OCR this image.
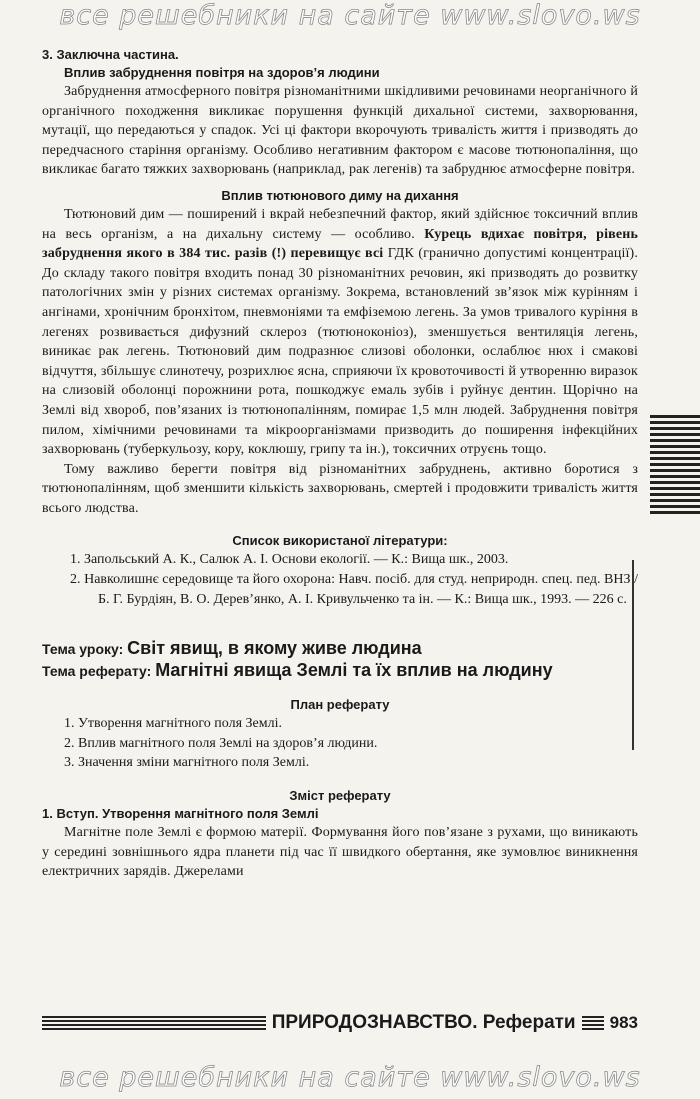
все решебники на сайте www.slovo.ws
3. Заключна частина.
Вплив забруднення повітря на здоров’я людини

Забруднення атмосферного повітря різноманітними шкідливими речовинами неорганічного й органічного походження викликає порушення функцій дихальної системи, захворювання, мутації, що передаються у спадок. Усі ці фактори вкорочують тривалість життя і призводять до передчасного старіння організму. Особливо негативним фактором є масове тютюнопаління, що викликає багато тяжких захворювань (наприклад, рак легенів) та забруднює атмосферне повітря.

Вплив тютюнового диму на дихання

Тютюновий дим — поширений і вкрай небезпечний фактор, який здійснює токсичний вплив на весь організм, а на дихальну систему — особливо. Курець вдихає повітря, рівень забруднення якого в 384 тис. разів (!) перевищує всі ГДК (гранично допустимі концентрації). До складу такого повітря входить понад 30 різноманітних речовин, які призводять до розвитку патологічних змін у різних системах організму. Зокрема, встановлений зв’язок між курінням і ангінами, хронічним бронхітом, пневмоніями та емфіземою легень. За умов тривалого куріння в легенях розвивається дифузний склероз (тютюноконіоз), зменшується вентиляція легень, виникає рак легень. Тютюновий дим подразнює слизові оболонки, ослаблює нюх і смакові відчуття, збільшує слинотечу, розрихлює ясна, сприяючи їх кровоточивості й утворенню виразок на слизовій оболонці порожнини рота, пошкоджує емаль зубів і руйнує дентин. Щорічно на Землі від хвороб, пов’язаних із тютюнопалінням, помирає 1,5 млн людей. Забруднення повітря пилом, хімічними речовинами та мікроорганізмами призводить до поширення інфекційних захворювань (туберкульозу, кору, коклюшу, грипу та ін.), токсичних отруєнь тощо.

Тому важливо берегти повітря від різноманітних забруднень, активно боротися з тютюнопалінням, щоб зменшити кількість захворювань, смертей і продовжити тривалість життя всього людства.

Список використаної літератури:
1. Запольський А. К., Салюк А. І. Основи екології. — К.: Вища шк., 2003.
2. Навколишнє середовище та його охорона: Навч. посіб. для студ. неприродн. спец. пед. ВНЗ / Б. Г. Бурдіян, В. О. Дерев’янко, А. І. Кривульченко та ін. — К.: Вища шк., 1993. — 226 с.
Тема уроку: Світ явищ, в якому живе людина
Тема реферату: Магнітні явища Землі та їх вплив на людину
План реферату
1. Утворення магнітного поля Землі.
2. Вплив магнітного поля Землі на здоров’я людини.
3. Значення зміни магнітного поля Землі.
Зміст реферату
1. Вступ. Утворення магнітного поля Землі

Магнітне поле Землі є формою матерії. Формування його пов’язане з рухами, що виникають у середині зовнішнього ядра планети під час її швидкого обертання, яке зумовлює виникнення електричних зарядів. Джерелами

ПРИРОДОЗНАВСТВО. Реферати	983
все решебники на сайте www.slovo.ws
